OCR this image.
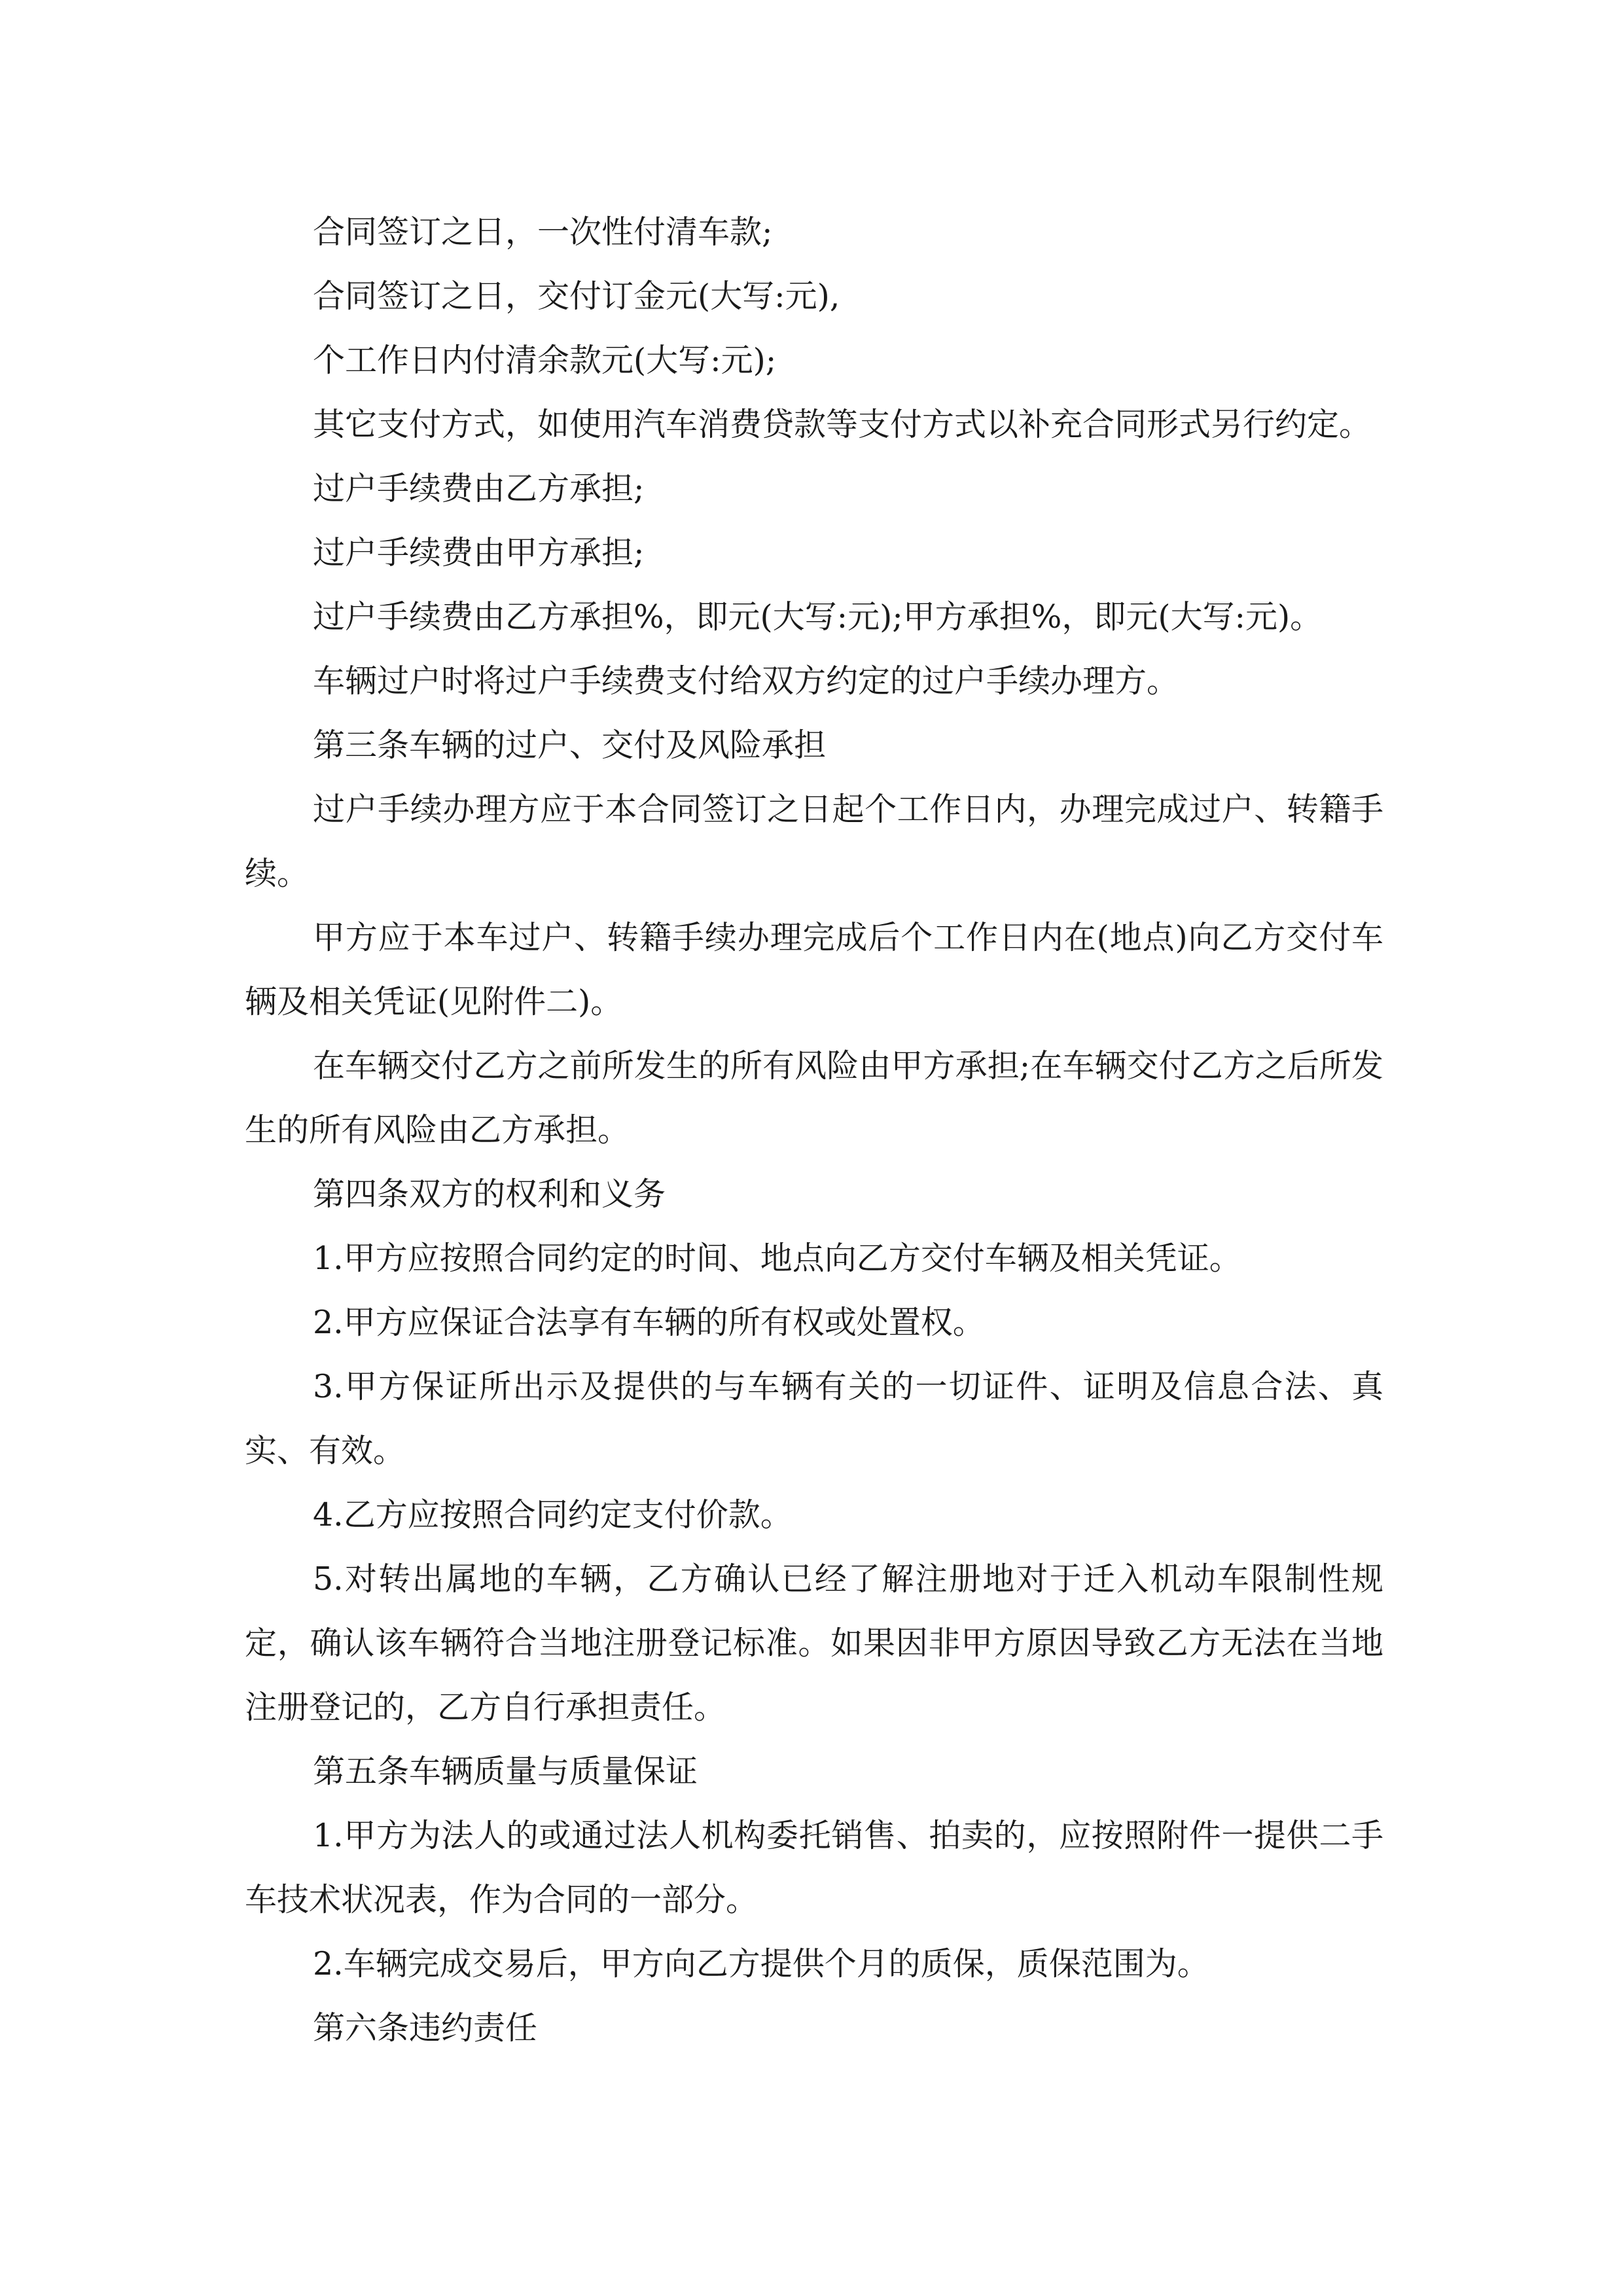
合同签订之日，一次性付清车款;

合同签订之日，交付订金元(大写:元),

个工作日内付清余款元(大写:元);

其它支付方式，如使用汽车消费贷款等支付方式以补充合同形式另行约定。

过户手续费由乙方承担;

过户手续费由甲方承担;

过户手续费由乙方承担%，即元(大写:元);甲方承担%，即元(大写:元)。

车辆过户时将过户手续费支付给双方约定的过户手续办理方。

第三条车辆的过户、交付及风险承担

过户手续办理方应于本合同签订之日起个工作日内，办理完成过户、转籍手续。

甲方应于本车过户、转籍手续办理完成后个工作日内在(地点)向乙方交付车辆及相关凭证(见附件二)。

在车辆交付乙方之前所发生的所有风险由甲方承担;在车辆交付乙方之后所发生的所有风险由乙方承担。

第四条双方的权利和义务

1.甲方应按照合同约定的时间、地点向乙方交付车辆及相关凭证。

2.甲方应保证合法享有车辆的所有权或处置权。

3.甲方保证所出示及提供的与车辆有关的一切证件、证明及信息合法、真实、有效。

4.乙方应按照合同约定支付价款。

5.对转出属地的车辆，乙方确认已经了解注册地对于迁入机动车限制性规定，确认该车辆符合当地注册登记标准。如果因非甲方原因导致乙方无法在当地注册登记的，乙方自行承担责任。

第五条车辆质量与质量保证

1.甲方为法人的或通过法人机构委托销售、拍卖的，应按照附件一提供二手车技术状况表，作为合同的一部分。

2.车辆完成交易后，甲方向乙方提供个月的质保，质保范围为。

第六条违约责任
